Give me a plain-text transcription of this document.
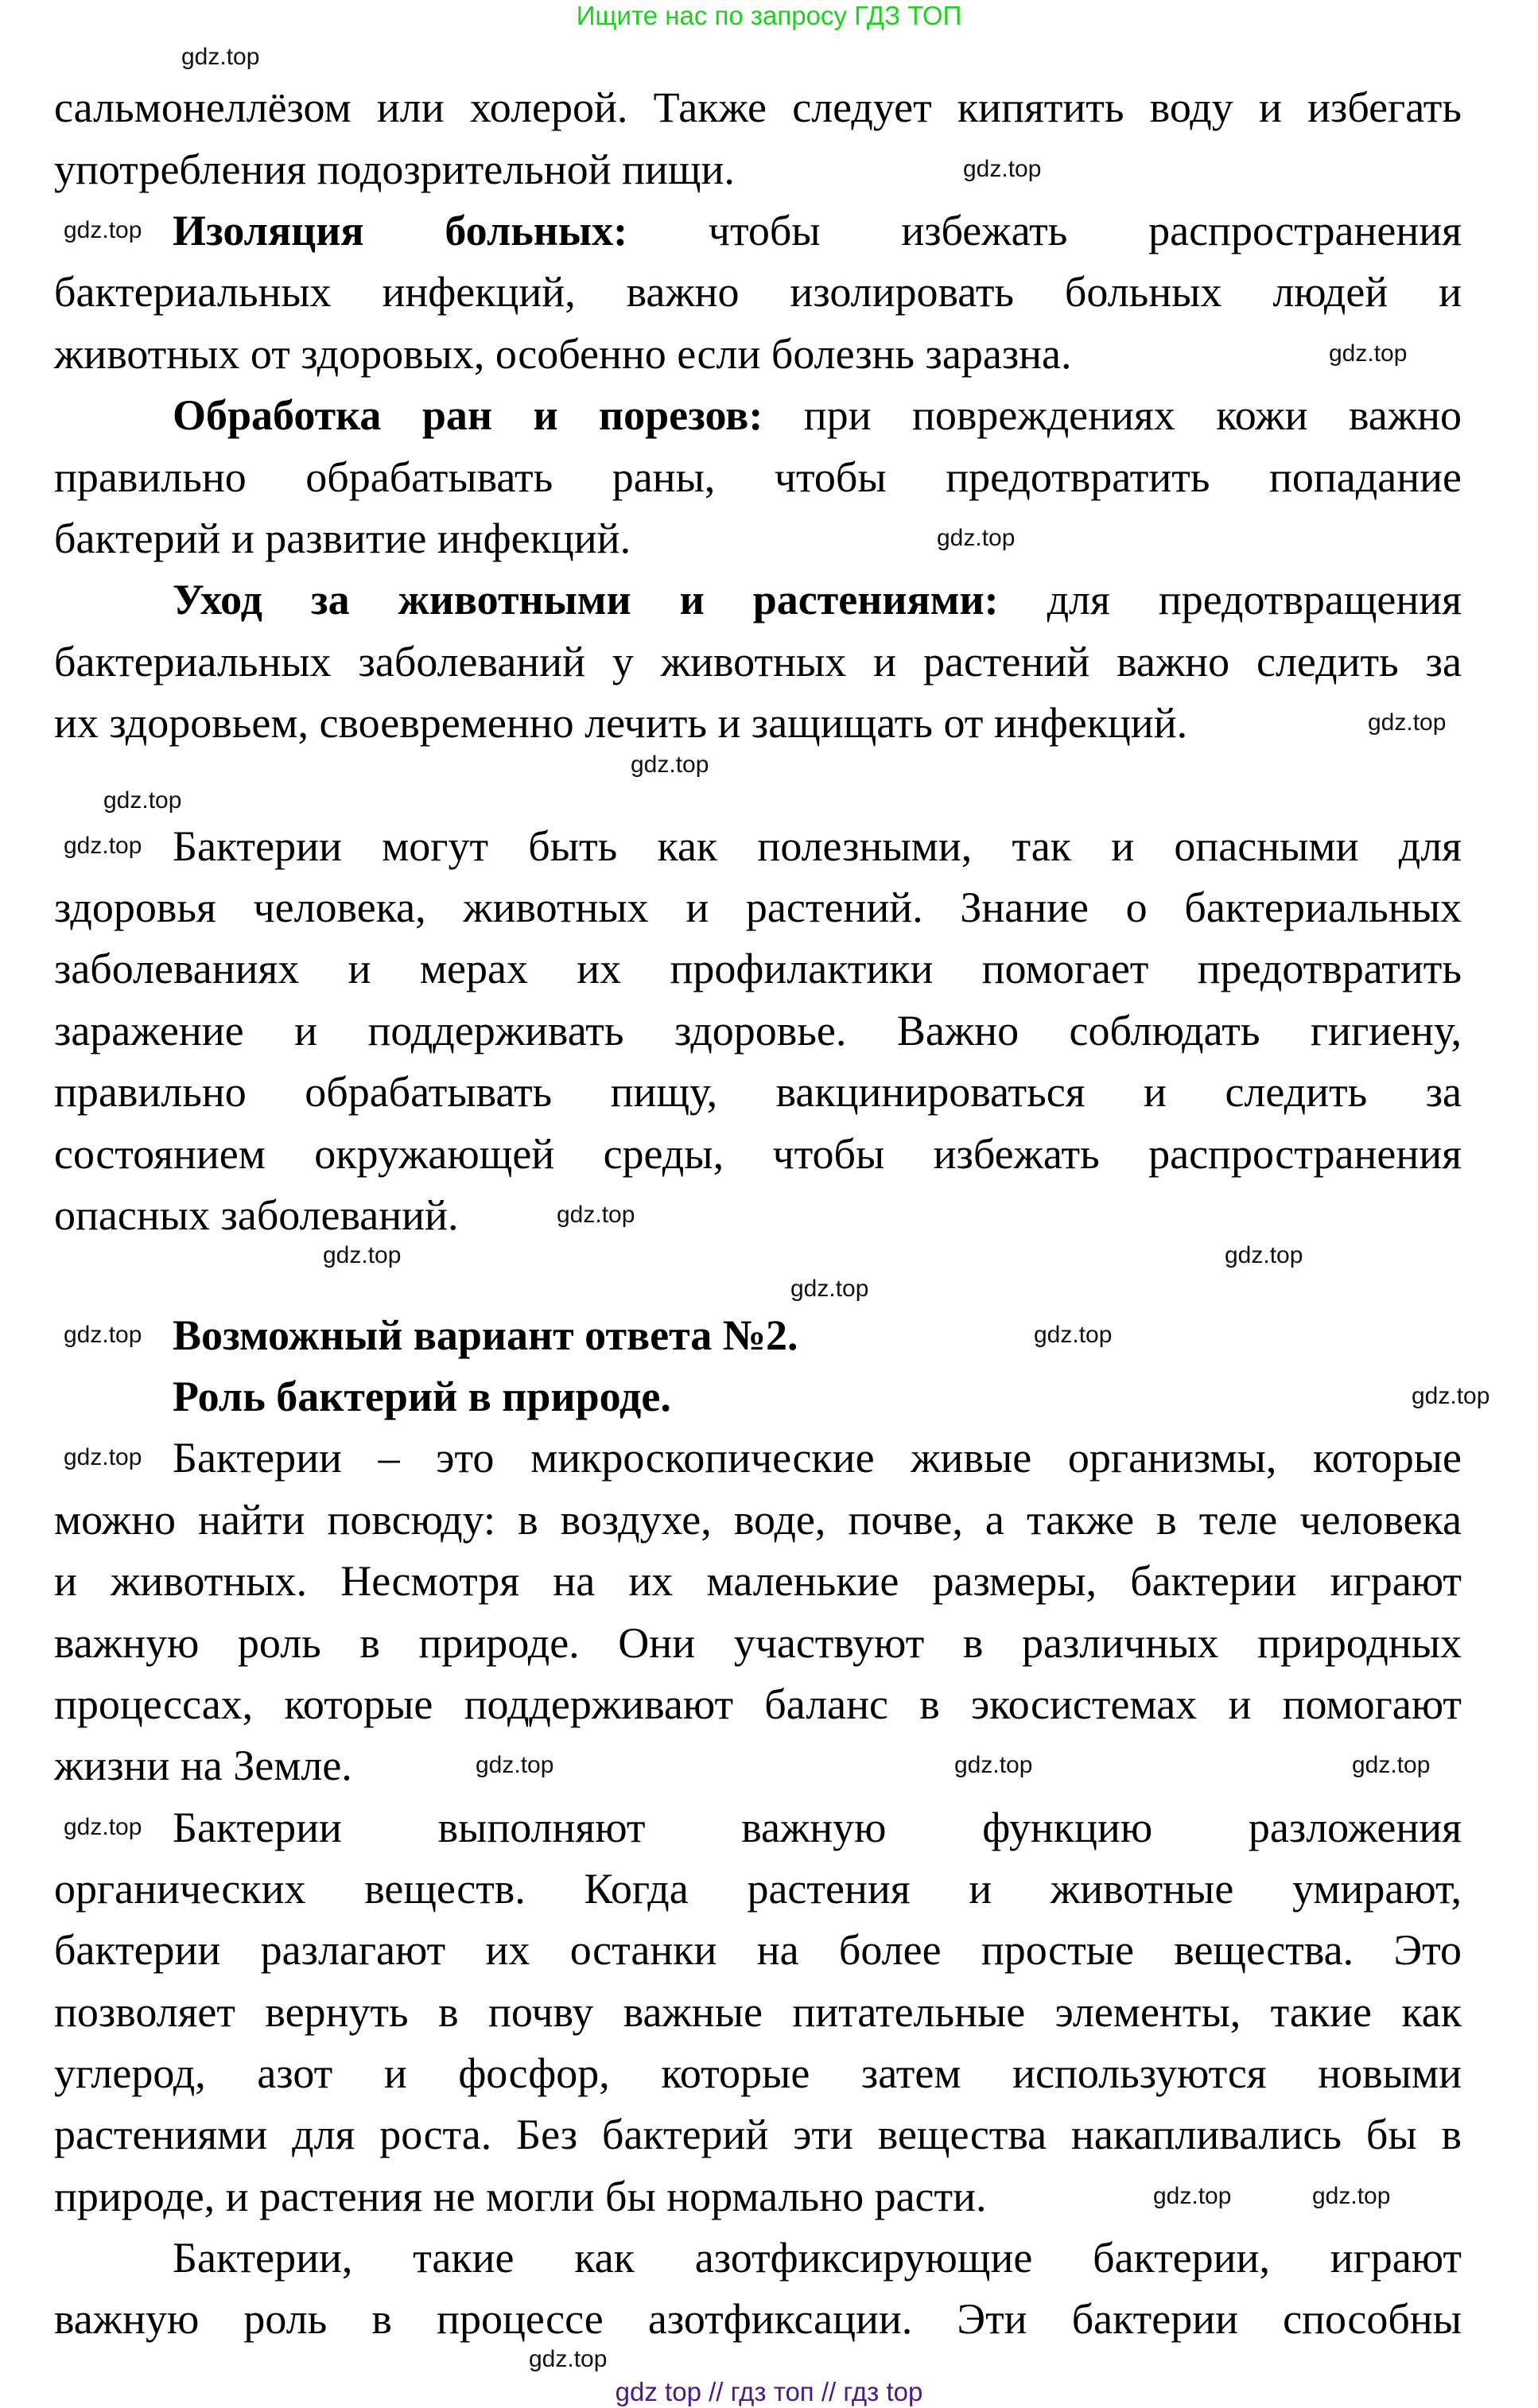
Ищите нас по запросу ГДЗ ТОП
сальмонеллёзом или холерой. Также следует кипятить воду и избегать
употребления подозрительной пищи.
Изоляция больных: чтобы избежать распространения
бактериальных инфекций, важно изолировать больных людей и
животных от здоровых, особенно если болезнь заразна.
Обработка ран и порезов: при повреждениях кожи важно
правильно обрабатывать раны, чтобы предотвратить попадание
бактерий и развитие инфекций.
Уход за животными и растениями: для предотвращения
бактериальных заболеваний у животных и растений важно следить за
их здоровьем, своевременно лечить и защищать от инфекций.
Бактерии могут быть как полезными, так и опасными для
здоровья человека, животных и растений. Знание о бактериальных
заболеваниях и мерах их профилактики помогает предотвратить
заражение и поддерживать здоровье. Важно соблюдать гигиену,
правильно обрабатывать пищу, вакцинироваться и следить за
состоянием окружающей среды, чтобы избежать распространения
опасных заболеваний.
Возможный вариант ответа №2.
Роль бактерий в природе.
Бактерии – это микроскопические живые организмы, которые
можно найти повсюду: в воздухе, воде, почве, а также в теле человека
и животных. Несмотря на их маленькие размеры, бактерии играют
важную роль в природе. Они участвуют в различных природных
процессах, которые поддерживают баланс в экосистемах и помогают
жизни на Земле.
Бактерии выполняют важную функцию разложения
органических веществ. Когда растения и животные умирают,
бактерии разлагают их останки на более простые вещества. Это
позволяет вернуть в почву важные питательные элементы, такие как
углерод, азот и фосфор, которые затем используются новыми
растениями для роста. Без бактерий эти вещества накапливались бы в
природе, и растения не могли бы нормально расти.
Бактерии, такие как азотфиксирующие бактерии, играют
важную роль в процессе азотфиксации. Эти бактерии способны
gdz top // гдз топ // гдз top
gdz.top
gdz.top
gdz.top
gdz.top
gdz.top
gdz.top
gdz.top
gdz.top
gdz.top
gdz.top
gdz.top	gdz.top
gdz.top
gdz.top
gdz.top
gdz.top
gdz.top
gdz.top	gdz.top	gdz.top
gdz.top
gdz.top	gdz.top
gdz.top
